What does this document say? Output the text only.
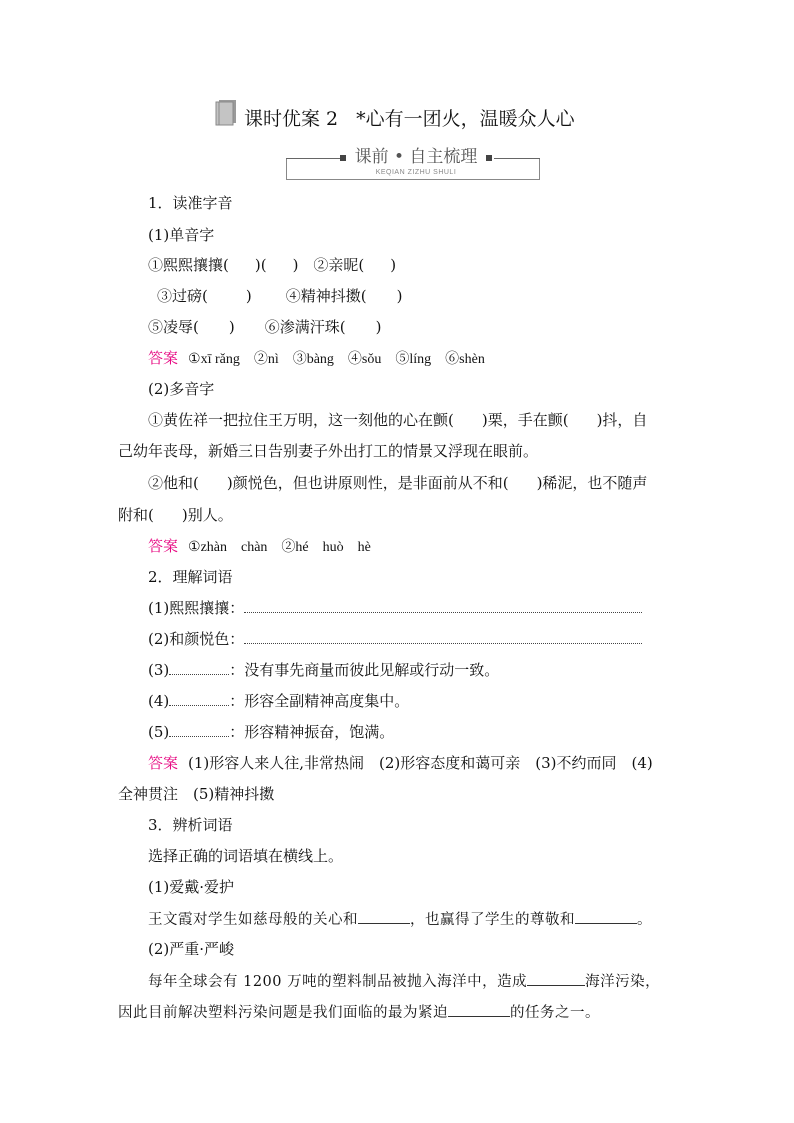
课时优案 2 *心有一团火，温暖众人心
课前 • 自主梳理
KEQIAN ZIZHU SHULI
1．读准字音
(1)单音字
①熙熙攘攘( )( )　②亲昵( )
③过磅(	) ④精神抖擞( )
⑤凌辱( ) ⑥渗满汗珠( )
答案 ①xī rǎng　②nì　③bàng　④sǒu　⑤líng　⑥shèn
(2)多音字
①黄佐祥一把拉住王万明，这一刻他的心在颤( )栗，手在颤( )抖，自
己幼年丧母，新婚三日告别妻子外出打工的情景又浮现在眼前。
②他和( )颜悦色，但也讲原则性，是非面前从不和( )稀泥，也不随声
附和( )别人。
答案 ①zhàn　chàn　②hé　huò　hè
2．理解词语
(1)熙熙攘攘：
(2)和颜悦色：
(3)	：没有事先商量而彼此见解或行动一致。
(4)	：形容全副精神高度集中。
(5)	：形容精神振奋，饱满。
答案 (1)形容人来人往,非常热闹　(2)形容态度和蔼可亲　(3)不约而同　(4)
全神贯注　(5)精神抖擞
3．辨析词语
选择正确的词语填在横线上。
(1)爱戴·爱护
王文霞对学生如慈母般的关心和	，也赢得了学生的尊敬和	。
(2)严重·严峻
每年全球会有 1200 万吨的塑料制品被抛入海洋中，造成	海洋污染，
因此目前解决塑料污染问题是我们面临的最为紧迫	的任务之一。
